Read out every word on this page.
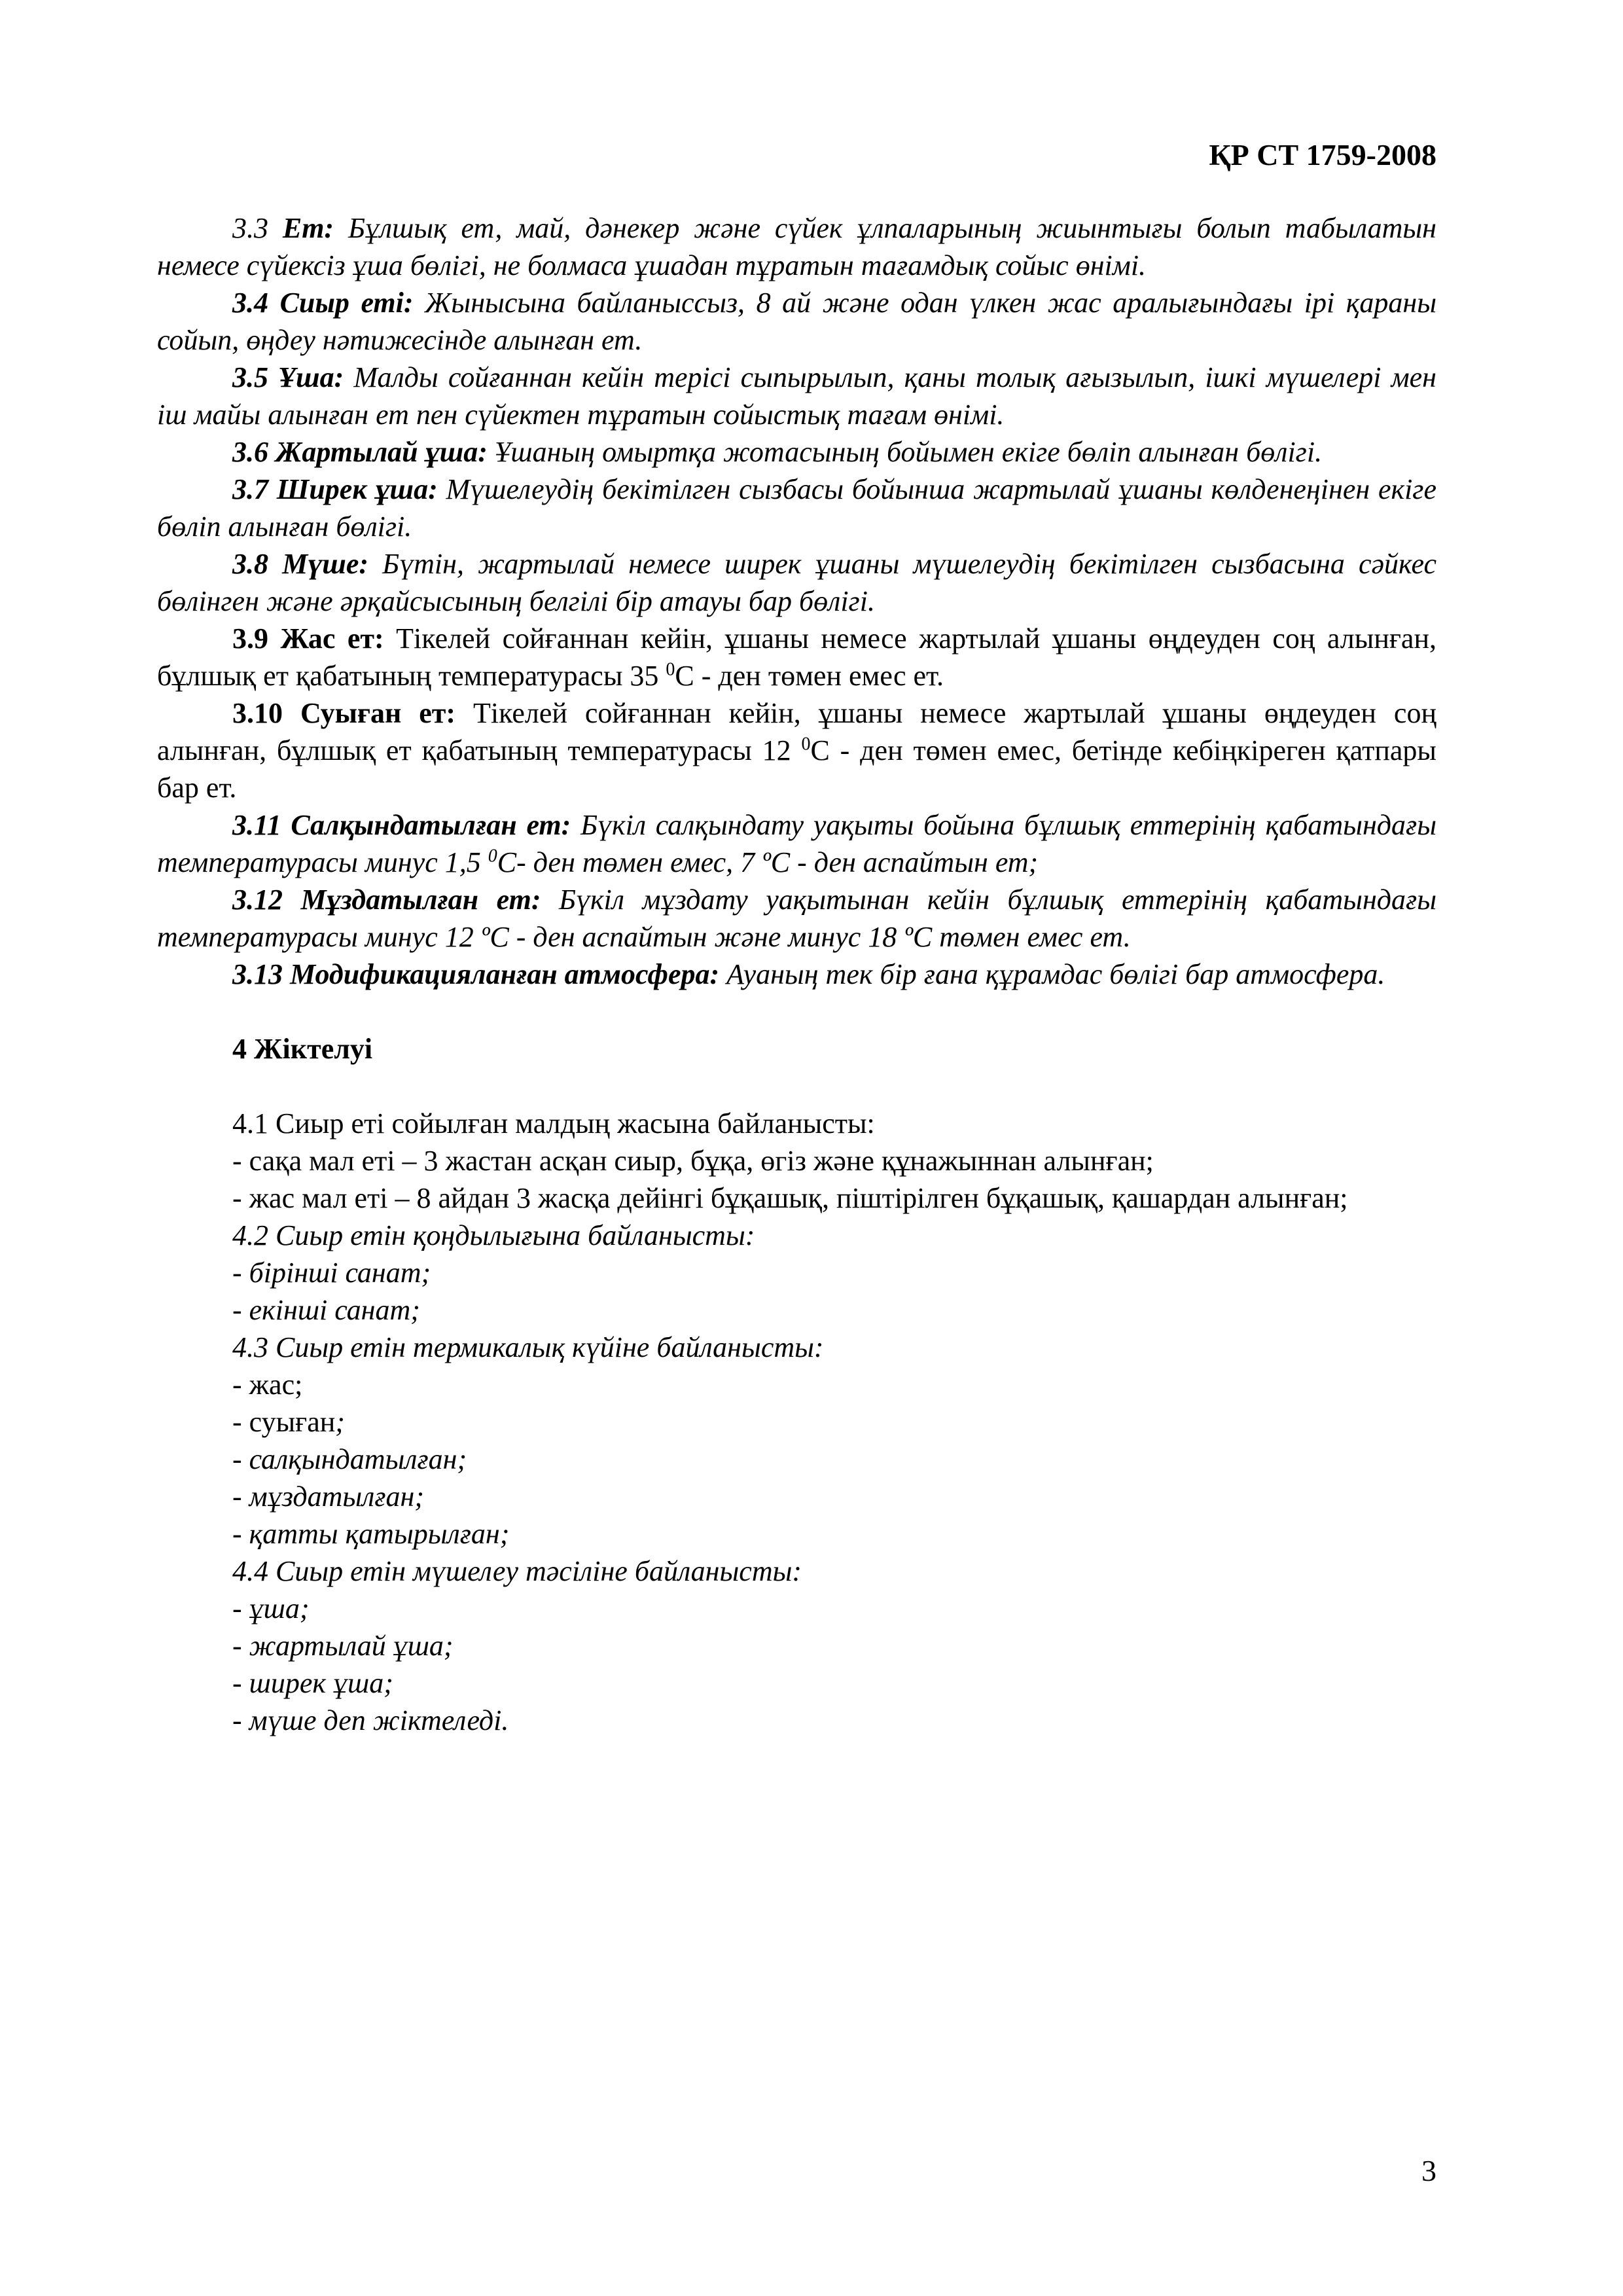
ҚР СТ 1759-2008

3.3 Ет: Бұлшық ет, май, дәнекер және сүйек ұлпаларының жиынтығы болып табылатын немесе сүйексіз ұша бөлігі, не болмаса ұшадан тұратын тағамдық сойыс өнімі.

3.4 Сиыр еті: Жынысына байланыссыз, 8 ай және одан үлкен жас аралығындағы ірі қараны сойып, өңдеу нәтижесінде алынған ет.

3.5 Ұша: Малды сойғаннан кейін терісі сыпырылып, қаны толық ағызылып, ішкі мүшелері мен іш майы алынған ет пен сүйектен тұратын сойыстық тағам өнімі.

3.6 Жартылай ұша: Ұшаның омыртқа жотасының бойымен екіге бөліп алынған бөлігі.

3.7 Ширек ұша: Мүшелеудің бекітілген сызбасы бойынша жартылай ұшаны көлденеңінен екіге бөліп алынған бөлігі.

3.8 Мүше: Бүтін, жартылай немесе ширек ұшаны мүшелеудің бекітілген сызбасына сәйкес бөлінген және әрқайсысының белгілі бір атауы бар бөлігі.

3.9 Жас ет: Тікелей сойғаннан кейін, ұшаны немесе жартылай ұшаны өңдеуден соң алынған, бұлшық ет қабатының температурасы 35 $^0$С - ден төмен емес ет.

3.10 Суыған ет: Тікелей сойғаннан кейін, ұшаны немесе жартылай ұшаны өңдеуден соң алынған, бұлшық ет қабатының температурасы 12 $^0$С - ден төмен емес, бетінде кебіңкіреген қатпары бар ет.

3.11 Салқындатылған ет: Бүкіл салқындату уақыты бойына бұлшық еттерінің қабатындағы температурасы минус 1,5 $^0$С- ден төмен емес, 7 ºС - ден аспайтын ет;

3.12 Мұздатылған ет: Бүкіл мұздату уақытынан кейін бұлшық еттерінің қабатындағы температурасы минус 12 ºС - ден аспайтын және минус 18 ºС төмен емес ет.

3.13 Модификацияланған атмосфера: Ауаның тек бір ғана құрамдас бөлігі бар атмосфера.

4 Жіктелуі

4.1 Сиыр еті сойылған малдың жасына байланысты:

- сақа мал еті – 3 жастан асқан сиыр, бұқа, өгіз және құнажыннан алынған;

- жас мал еті – 8 айдан 3 жасқа дейінгі бұқашық, піштірілген бұқашық, қашардан алынған;

4.2 Сиыр етін қоңдылығына байланысты:

- бірінші санат;

- екінші санат;

4.3 Сиыр етін термикалық күйіне байланысты:

- жас;

- суыған;

- салқындатылған;

- мұздатылған;

- қатты қатырылған;

4.4 Сиыр етін мүшелеу тәсіліне байланысты:

- ұша;

- жартылай ұша;

- ширек ұша;

- мүше деп жіктеледі.

3
